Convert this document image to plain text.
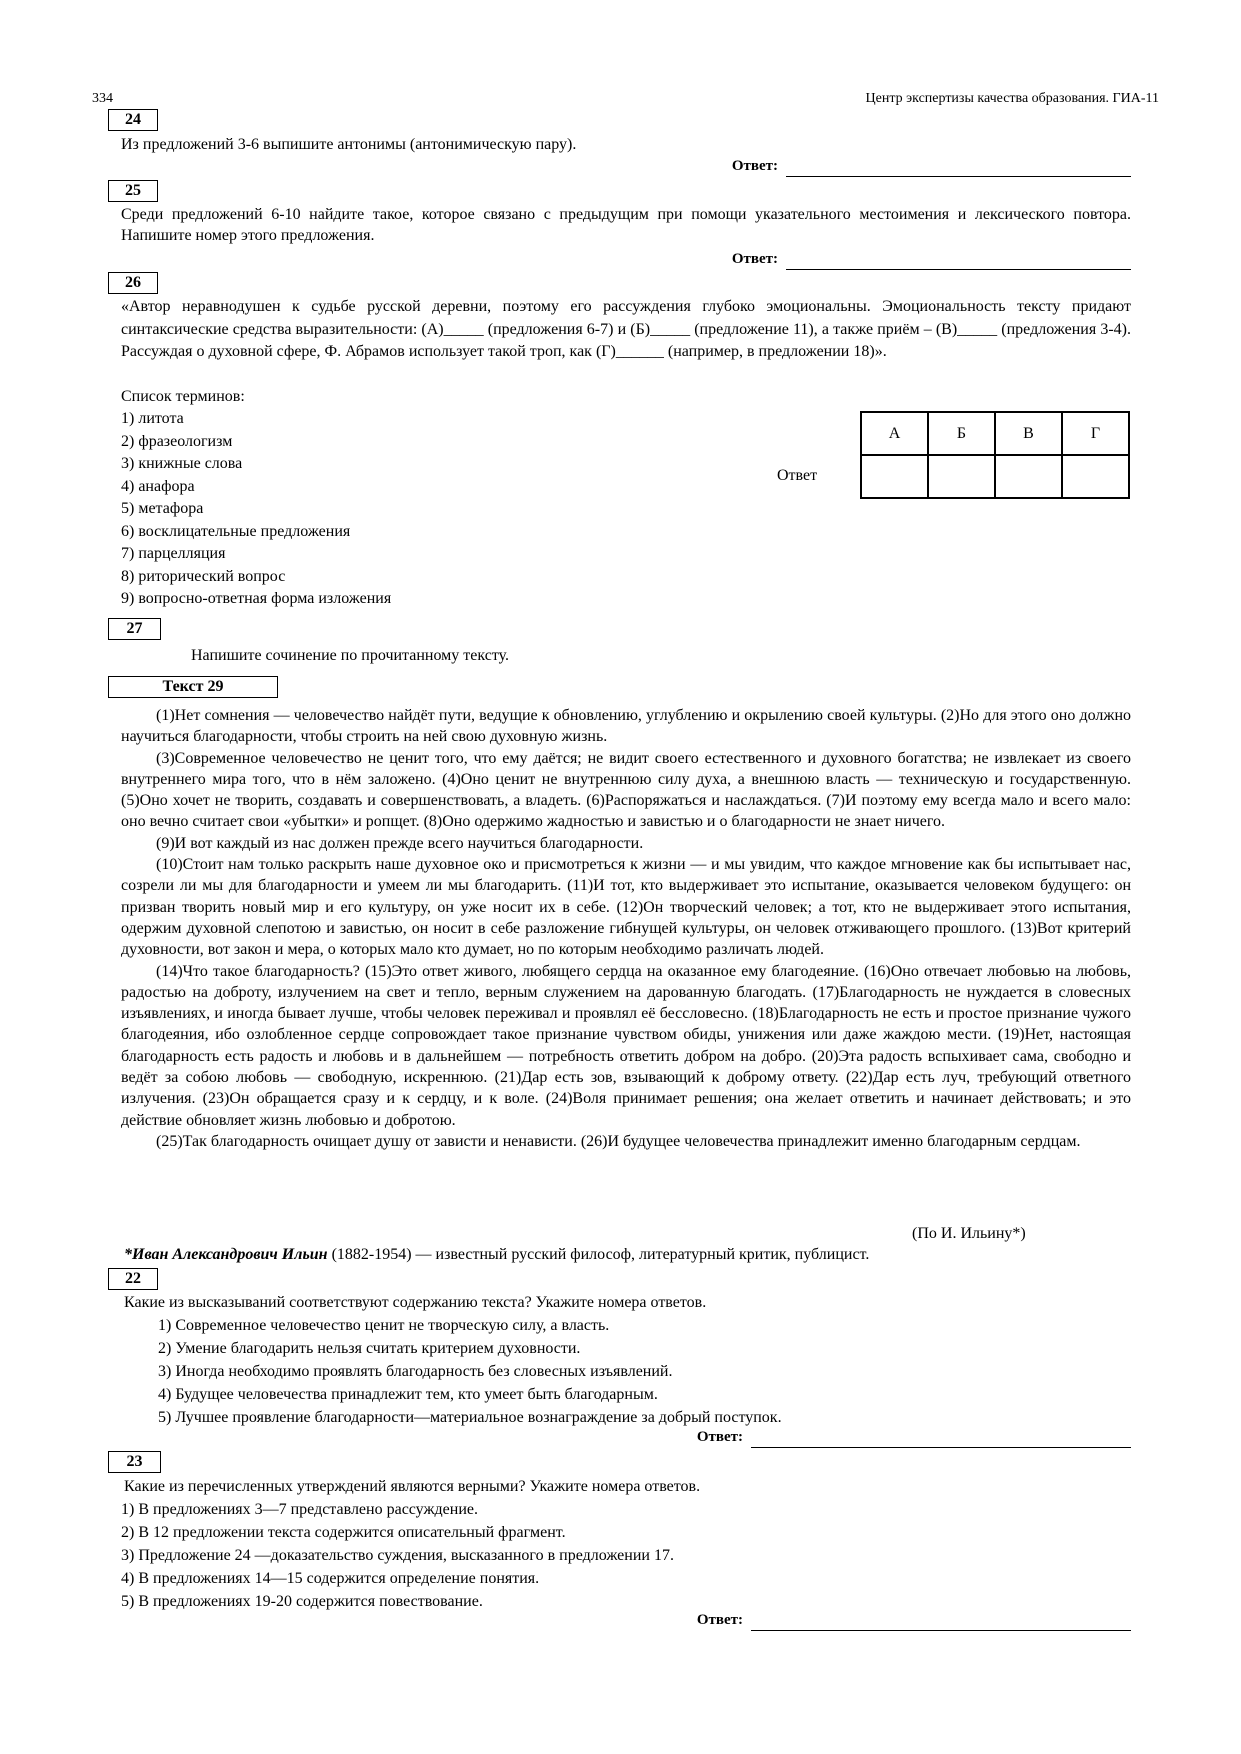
334	Центр экспертизы качества образования. ГИА-11
24
Из предложений 3-6 выпишите антонимы (антонимическую пару).
Ответ:
25
Среди предложений 6-10 найдите такое, которое связано с предыдущим при помощи указательного местоимения и лексического повтора. Напишите номер этого предложения.
Ответ:
26
«Автор неравнодушен к судьбе русской деревни, поэтому его рассуждения глубоко эмоциональны. Эмоциональность тексту придают синтаксические средства выразительности: (А)_____ (предложения 6-7) и (Б)_____ (предложение 11), а также приём – (В)_____ (предложения 3-4). Рассуждая о духовной сфере, Ф. Абрамов использует такой троп, как (Г)______ (например, в предложении 18)».
Список терминов:
1) литота
2) фразеологизм
3) книжные слова
4) анафора
5) метафора
6) восклицательные предложения
7) парцелляция
8) риторический вопрос
9) вопросно-ответная форма изложения
Ответ
А	Б	В	Г

27
Напишите сочинение по прочитанному тексту.
Текст 29

(1)Нет сомнения — человечество найдёт пути, ведущие к обновлению, углублению и окрылению своей культуры. (2)Но для этого оно должно научиться благодарности, чтобы строить на ней свою духовную жизнь.

(3)Современное человечество не ценит того, что ему даётся; не видит своего естественного и духовного богатства; не извлекает из своего внутреннего мира того, что в нём заложено. (4)Оно ценит не внутреннюю силу духа, а внешнюю власть — техническую и государственную. (5)Оно хочет не творить, создавать и совершенствовать, а владеть. (6)Распоряжаться и наслаждаться. (7)И поэтому ему всегда мало и всего мало: оно вечно считает свои «убытки» и ропщет. (8)Оно одержимо жадностью и завистью и о благодарности не знает ничего.

(9)И вот каждый из нас должен прежде всего научиться благодарности.

(10)Стоит нам только раскрыть наше духовное око и присмотреться к жизни — и мы увидим, что каждое мгновение как бы испытывает нас, созрели ли мы для благодарности и умеем ли мы благодарить. (11)И тот, кто выдерживает это испытание, оказывается человеком будущего: он призван творить новый мир и его культуру, он уже носит их в себе. (12)Он творческий человек; а тот, кто не выдерживает этого испытания, одержим духовной слепотою и завистью, он носит в себе разложение гибнущей культуры, он человек отживающего прошлого. (13)Вот критерий духовности, вот закон и мера, о которых мало кто думает, но по которым необходимо различать людей.

(14)Что такое благодарность? (15)Это ответ живого, любящего сердца на оказанное ему благодеяние. (16)Оно отвечает любовью на любовь, радостью на доброту, излучением на свет и тепло, верным служением на дарованную благодать. (17)Благодарность не нуждается в словесных изъявлениях, и иногда бывает лучше, чтобы человек переживал и проявлял её бессловесно. (18)Благодарность не есть и простое признание чужого благодеяния, ибо озлобленное сердце сопровождает такое признание чувством обиды, унижения или даже жаждою мести. (19)Нет, настоящая благодарность есть радость и любовь и в дальнейшем — потребность ответить добром на добро. (20)Эта радость вспыхивает сама, свободно и ведёт за собою любовь — свободную, искреннюю. (21)Дар есть зов, взывающий к доброму ответу. (22)Дар есть луч, требующий ответного излучения. (23)Он обращается сразу и к сердцу, и к воле. (24)Воля принимает решения; она желает ответить и начинает действовать; и это действие обновляет жизнь любовью и добротою.

(25)Так благодарность очищает душу от зависти и ненависти. (26)И будущее человечества принадлежит именно благодарным сердцам.

(По И. Ильину*)
*Иван Александрович Ильин (1882-1954) — известный русский философ, литературный критик, публицист.
22
Какие из высказываний соответствуют содержанию текста? Укажите номера ответов.
1) Современное человечество ценит не творческую силу, а власть.
2) Умение благодарить нельзя считать критерием духовности.
3) Иногда необходимо проявлять благодарность без словесных изъявлений.
4) Будущее человечества принадлежит тем, кто умеет быть благодарным.
5) Лучшее проявление благодарности—материальное вознаграждение за добрый поступок.
Ответ:
23
Какие из перечисленных утверждений являются верными? Укажите номера ответов.
1) В предложениях 3—7 представлено рассуждение.
2) В 12 предложении текста содержится описательный фрагмент.
3) Предложение 24 —доказательство суждения, высказанного в предложении 17.
4) В предложениях 14—15 содержится определение понятия.
5) В предложениях 19-20 содержится повествование.
Ответ:
